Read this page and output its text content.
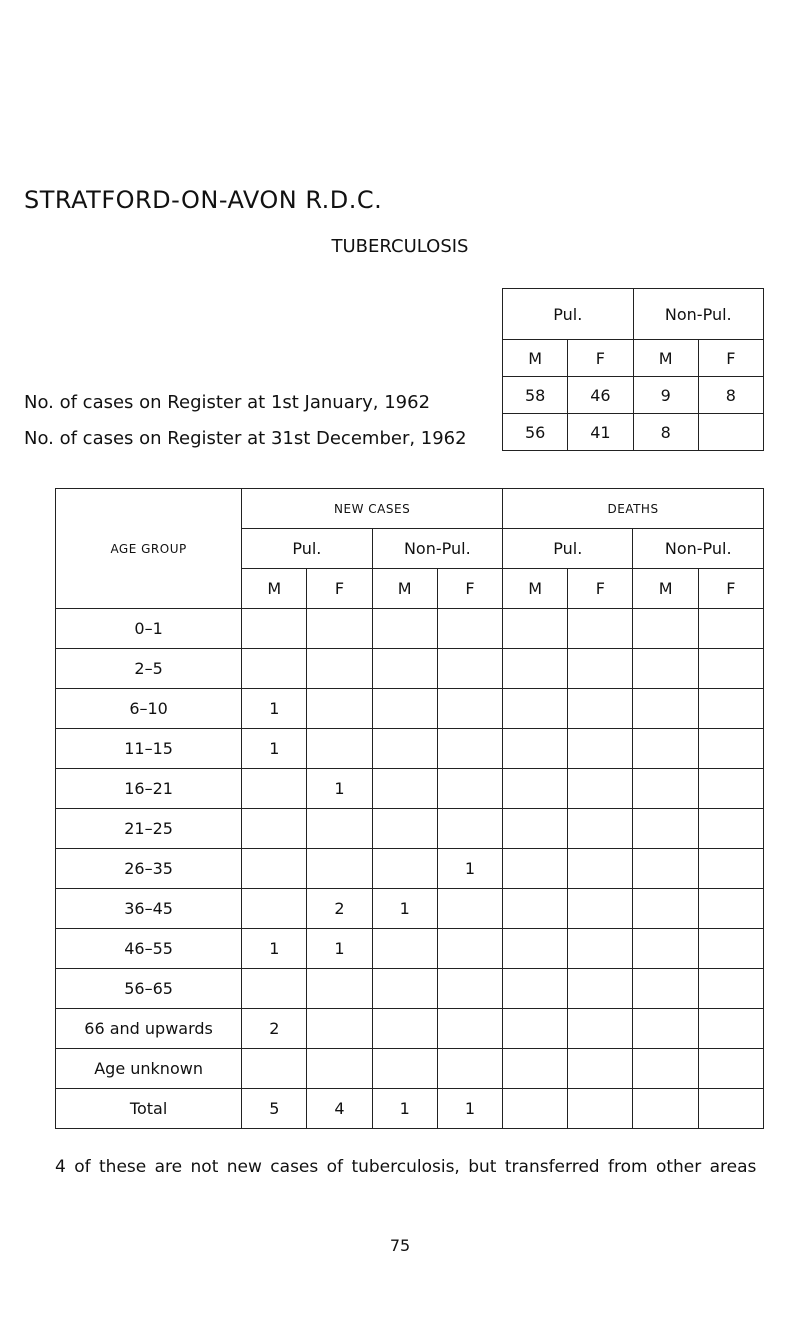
STRATFORD-ON-AVON R.D.C.
TUBERCULOSIS
No. of cases on Register at 1st January, 1962
No. of cases on Register at 31st December, 1962
Pul.		Non-Pul.	
M	F	M	F
58	46	9	8
56	41	8	
AGE GROUP	NEW CASES				DEATHS			
	Pul.		Non-Pul.		Pul.		Non-Pul.	
	M	F	M	F	M	F	M	F
0–1								
2–5								
6–10	1							
11–15	1							
16–21		1						
21–25								
26–35				1				
36–45		2	1					
46–55	1	1						
56–65								
66 and upwards	2							
Age unknown								
Total	5	4	1	1				
4 of these are not new cases of tuberculosis, but transferred from other areas
75
